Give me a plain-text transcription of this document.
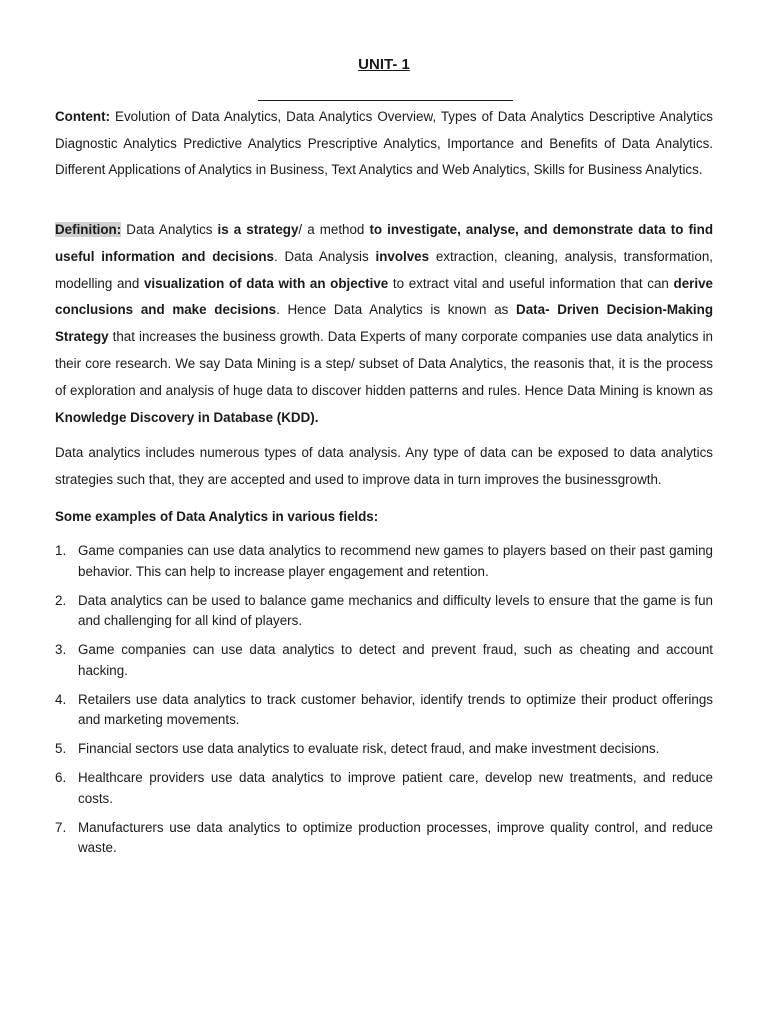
UNIT- 1

Content: Evolution of Data Analytics, Data Analytics Overview, Types of Data Analytics Descriptive Analytics Diagnostic Analytics Predictive Analytics Prescriptive Analytics, Importance and Benefits of Data Analytics. Different Applications of Analytics in Business, Text Analytics and Web Analytics, Skills for Business Analytics.

Definition: Data Analytics is a strategy/ a method to investigate, analyse, and demonstrate data to find useful information and decisions. Data Analysis involves extraction, cleaning, analysis, transformation, modelling and visualization of data with an objective to extract vital and useful information that can derive conclusions and make decisions. Hence Data Analytics is known as Data- Driven Decision-Making Strategy that increases the business growth. Data Experts of many corporate companies use data analytics in their core research. We say Data Mining is a step/ subset of Data Analytics, the reasonis that, it is the process of exploration and analysis of huge data to discover hidden patterns and rules. Hence Data Mining is known as Knowledge Discovery in Database (KDD).

Data analytics includes numerous types of data analysis. Any type of data can be exposed to data analytics strategies such that, they are accepted and used to improve data in turn improves the businessgrowth.

Some examples of Data Analytics in various fields:

1. Game companies can use data analytics to recommend new games to players based on their past gaming behavior. This can help to increase player engagement and retention.
2. Data analytics can be used to balance game mechanics and difficulty levels to ensure that the game is fun and challenging for all kind of players.
3. Game companies can use data analytics to detect and prevent fraud, such as cheating and account hacking.
4. Retailers use data analytics to track customer behavior, identify trends to optimize their product offerings and marketing movements.
5. Financial sectors use data analytics to evaluate risk, detect fraud, and make investment decisions.
6. Healthcare providers use data analytics to improve patient care, develop new treatments, and reduce costs.
7. Manufacturers use data analytics to optimize production processes, improve quality control, and reduce waste.
